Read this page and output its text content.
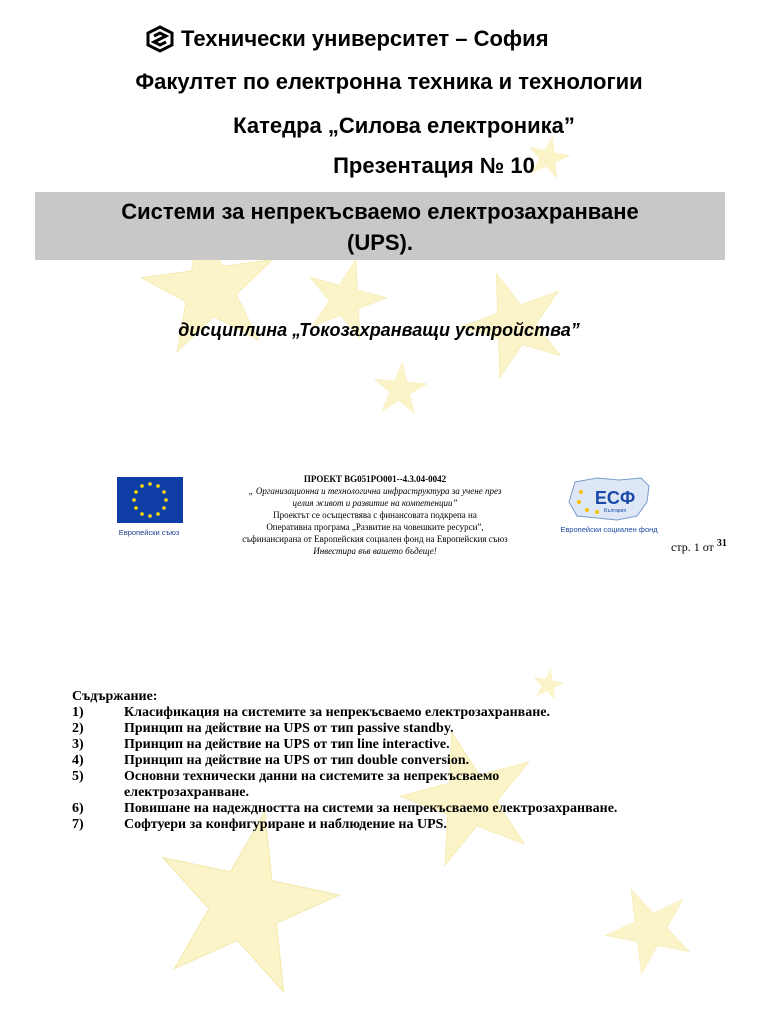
Технически университет – София
Факултет по електронна техника и технологии
Катедра „Силова електроника”
Презентация № 10
Системи за непрекъсваемо електрозахранване
(UPS).
дисциплина „Токозахранващи устройства”
Европейски съюз
ПРОЕКТ BG051PO001--4.3.04-0042
„ Организационна и технологична инфраструктура за учене през
целия живот и развитие на компетенции”
Проектът се осъществява с финансовата подкрепа на
Оперативна програма „Развитие на човешките ресурси”,
съфинансирана от Европейския социален фонд на Европейския съюз
Инвестира във вашето бъдеще!
ЕСФ
България
Европейски социален фонд
стр. 1 от $^{31}$
Съдържание:
1)	Класификация на системите за непрекъсваемо електрозахранване.
2)	Принцип на действие на UPS от тип passive standby.
3)	Принцип на действие на UPS от тип line interactive.
4)	Принцип на действие на UPS от тип double conversion.
5)	Основни технически данни на системите за непрекъсваемо електрозахранване.
6)	Повишане на надеждността на системи за непрекъсваемо електрозахранване.
7)	Софтуери за конфигуриране и наблюдение на UPS.
